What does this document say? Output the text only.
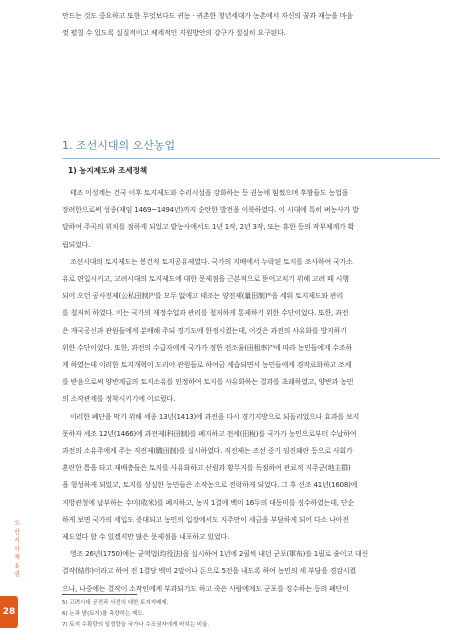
만드는 것도 중요하고 또한 무엇보다도 귀농 · 귀촌한 청년세대가 농촌에서 자신의 꿈과 재능을 마음
껏 펼칠 수 있도록 실질적이고 체계적인 지원방안의 강구가 절실히 요구된다.
1. 조선시대의 오산농업
1) 농지제도와 조세정책
태조 이성계는 건국 이후 토지제도와 수리시설을 강화하는 등 권농에 힘썼으며 후왕들도 농업을
장려한으로써 성종(재임 1469~1494년)까지 순탄한 발전을 이룩하였다. 이 시대에 특히 벼농사가 발
달하여 주곡의 위치를 점하게 되었고 밭농사에서도 1년 1작, 2년 3작, 또는 휴한 등의 작부체계가 확
립되었다.
조선시대의 토지제도는 봉건적 토지공유제였다. 국가의 지배에서 누락된 토지를 조사하여 국가소
유로 편입시키고, 고려시대의 토지제도에 대한 문제점을 근본적으로 뜯어고치기 위해 고려 때 시행
되어 오던 공사전제(公私田制)⁵⁾를 모두 없애고 태조는 양전제(量田制)⁶⁾을 세워 토지제도와 관리
를 철저히 하였다. 이는 국가의 재정수입과 관리를 철저하게 통제하기 위한 수단이었다. 또한, 과전
은 개국공신과 관원들에게 분배해 주되 경기도에 한정시켰는데, 이것은 과전의 사유화를 방지하기
위한 수단이었다. 또한, 과전의 수급자에게 국가가 정한 전조율(田租率)⁷⁾에 따라 농민들에게 수조하
게 하였는데 이러한 토지개혁이 도리어 관원들로 하여금 세습되면서 농민들에게 경작료화하고 조세
를 받음으로써 양반계급의 토지소유를 인정하여 토지를 사유화하는 결과를 초래하였고, 양반과 농민
의 소작관계를 정착시키기에 이르렀다.
이러한 폐단을 막기 위해 세종 13년(1413)에 과전을 다시 경기지방으로 되돌리었으나 효과를 보지
못하자 세조 12년(1466)에 과전제(科田制)를 폐지하고 전세(田稅)를 국가가 농민으로부터 수납하여
과전의 소유주에게 주는 직전제(職田制)를 실시하였다. 직전제는 조선 중기 임진왜란 등으로 사회가
혼란한 틈을 타고 재배층들은 토지를 사유화하고 산림과 황무지를 독점하여 관료적 지주군(地主群)
을 형성하게 되었고, 토지를 상실한 농민들은 소작농으로 전락하게 되었다. 그 후 선조 41년(1608)에
지방관청에 납부하는 수미(收米)를 폐지하고, 농지 1결에 백미 16두의 대동미를 징수하였는데, 단순
하게 보면 국가의 세입도 증대되고 농민의 입장에서도 지주만이 세금을 부담하게 되어 다소 나아진
제도였다 할 수 있겠지만 많은 문제점을 내포하고 있었다.
영조 26년(1750)에는 균역법(均役法)을 실시하여 1년에 2필씩 내던 군포(軍布)를 1필로 줄이고 대신
결작(結作)이라고 하여 전 1결당 백미 2말이나 돈으로 5전을 내도록 하여 농민의 세 부담을 경감시켰
으나, 나중에는 결작이 소작인에게 부과되기도 하고 죽은 사람에게도 군포를 징수하는 등의 폐단이
5) 고려시대 공전과 사전의 대한 토지지배제.
6) 논과 밭(토지)를 측량하는 제도.
7) 토지 수확량의 일정량을 국가나 수조권자에게 바치는 비율.
오
산
시
사
제
5
권
28
